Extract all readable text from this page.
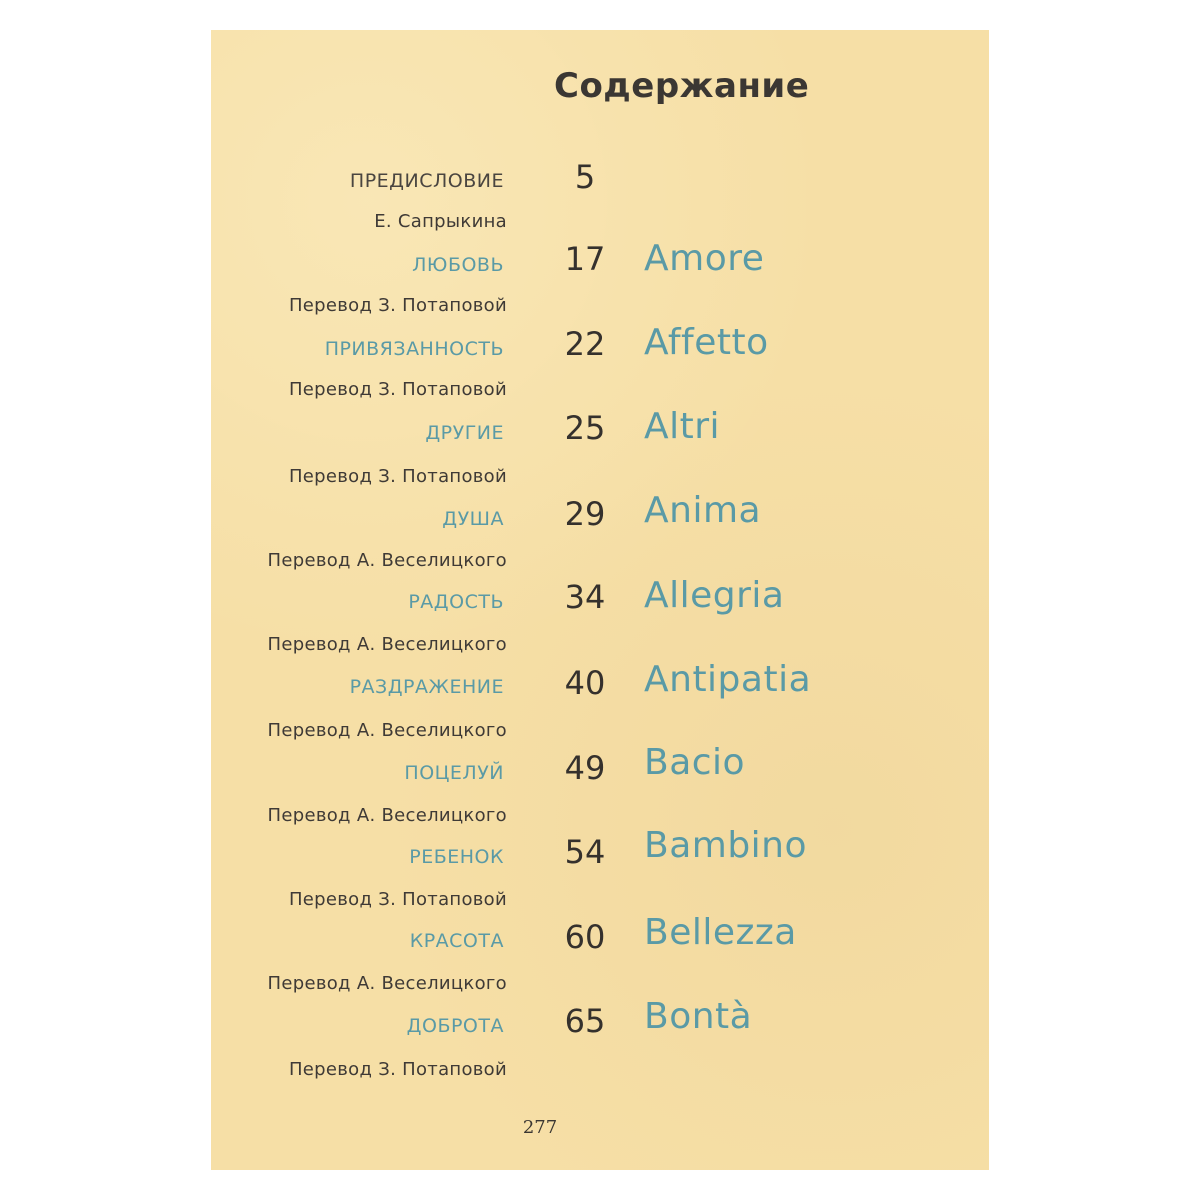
Содержание
ПРЕДИСЛОВИЕ	5
Е. Сапрыкина
ЛЮБОВЬ	17	Amore
Перевод З. Потаповой
ПРИВЯЗАННОСТЬ	22	Affetto
Перевод З. Потаповой
ДРУГИЕ	25	Altri
Перевод З. Потаповой
ДУША	29	Anima
Перевод А. Веселицкого
РАДОСТЬ	34	Allegria
Перевод А. Веселицкого
РАЗДРАЖЕНИЕ	40	Antipatia
Перевод А. Веселицкого
ПОЦЕЛУЙ	49	Bacio
Перевод А. Веселицкого
РЕБЕНОК	54	Bambino
Перевод З. Потаповой
КРАСОТА	60	Bellezza
Перевод А. Веселицкого
ДОБРОТА	65	Bontà
Перевод З. Потаповой
277
